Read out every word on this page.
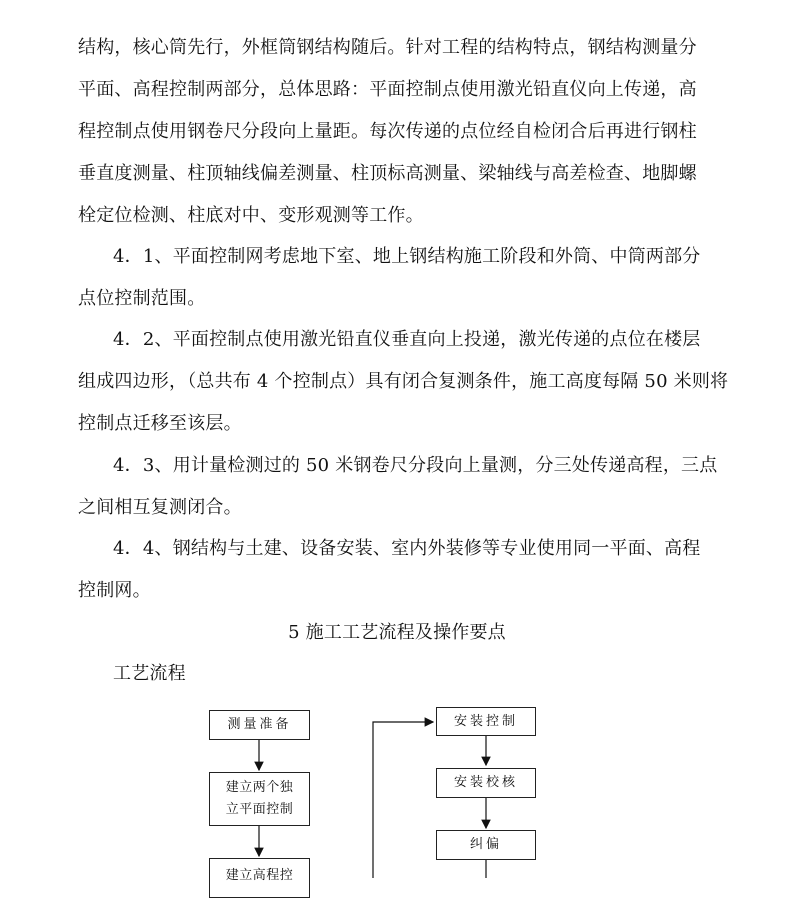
结构，核心筒先行，外框筒钢结构随后。针对工程的结构特点，钢结构测量分
平面、高程控制两部分，总体思路：平面控制点使用激光铅直仪向上传递，高
程控制点使用钢卷尺分段向上量距。每次传递的点位经自检闭合后再进行钢柱
垂直度测量、柱顶轴线偏差测量、柱顶标高测量、梁轴线与高差检查、地脚螺
栓定位检测、柱底对中、变形观测等工作。
4．1、平面控制网考虑地下室、地上钢结构施工阶段和外筒、中筒两部分
点位控制范围。
4．2、平面控制点使用激光铅直仪垂直向上投递，激光传递的点位在楼层
组成四边形，（总共布 4 个控制点）具有闭合复测条件，施工高度每隔 50 米则将
控制点迁移至该层。
4．3、用计量检测过的 50 米钢卷尺分段向上量测，分三处传递高程，三点
之间相互复测闭合。
4．4、钢结构与土建、设备安装、室内外装修等专业使用同一平面、高程
控制网。
5 施工工艺流程及操作要点
工艺流程
测量准备
建立两个独
立平面控制
建立高程控
安装控制
安装校核
纠偏
